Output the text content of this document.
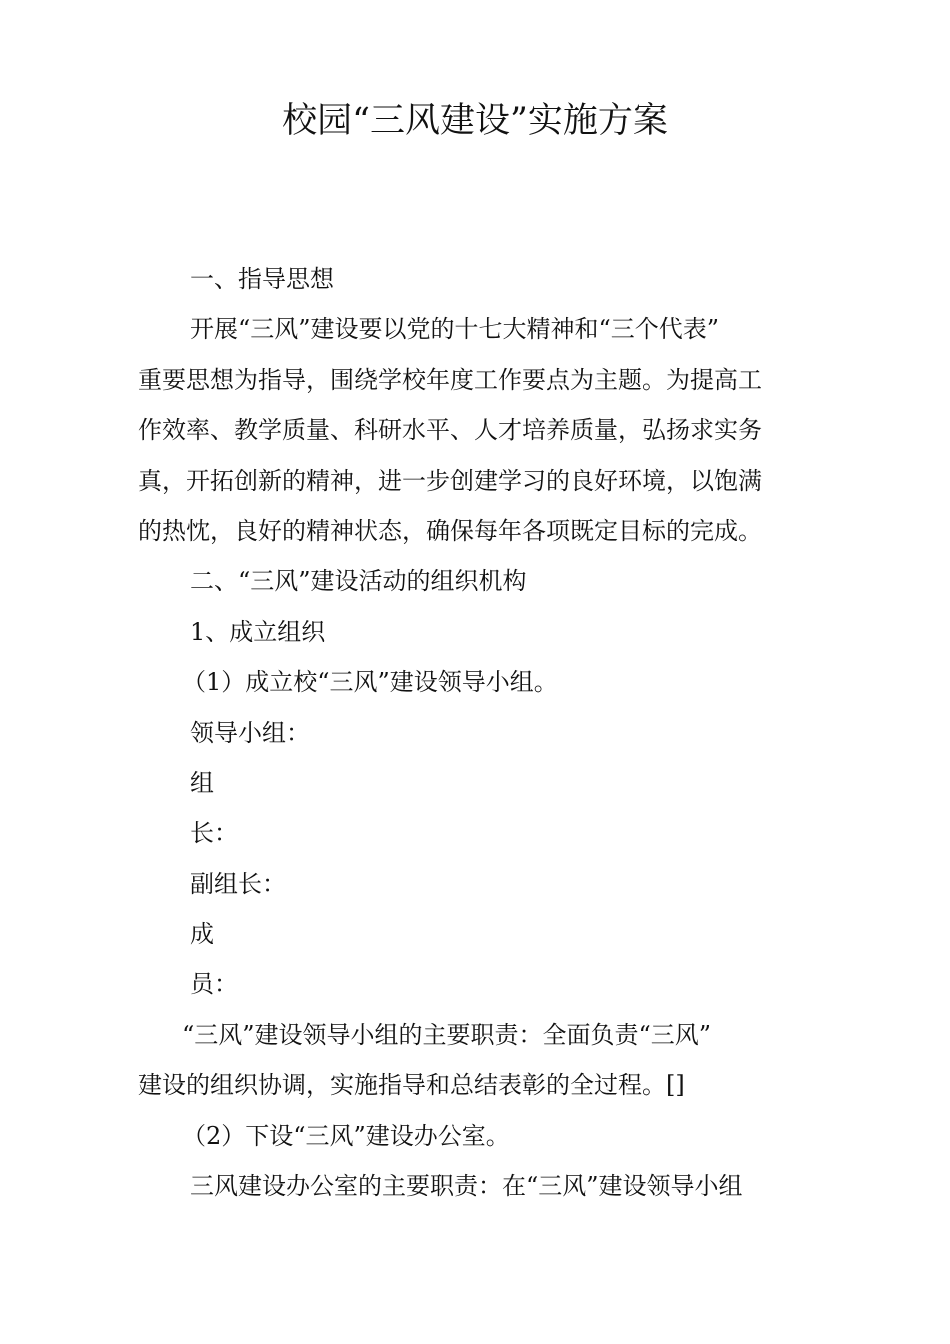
校园“三风建设”实施方案
一、指导思想
开展“三风”建设要以党的十七大精神和“三个代表”
重要思想为指导，围绕学校年度工作要点为主题。为提高工
作效率、教学质量、科研水平、人才培养质量，弘扬求实务
真，开拓创新的精神，进一步创建学习的良好环境，以饱满
的热忱，良好的精神状态，确保每年各项既定目标的完成。
二、“三风”建设活动的组织机构
1、成立组织
（1）成立校“三风”建设领导小组。
领导小组：
组
长：
副组长：
成
员：
“三风”建设领导小组的主要职责：全面负责“三风”
建设的组织协调，实施指导和总结表彰的全过程。[]
（2）下设“三风”建设办公室。
三风建设办公室的主要职责：在“三风”建设领导小组
